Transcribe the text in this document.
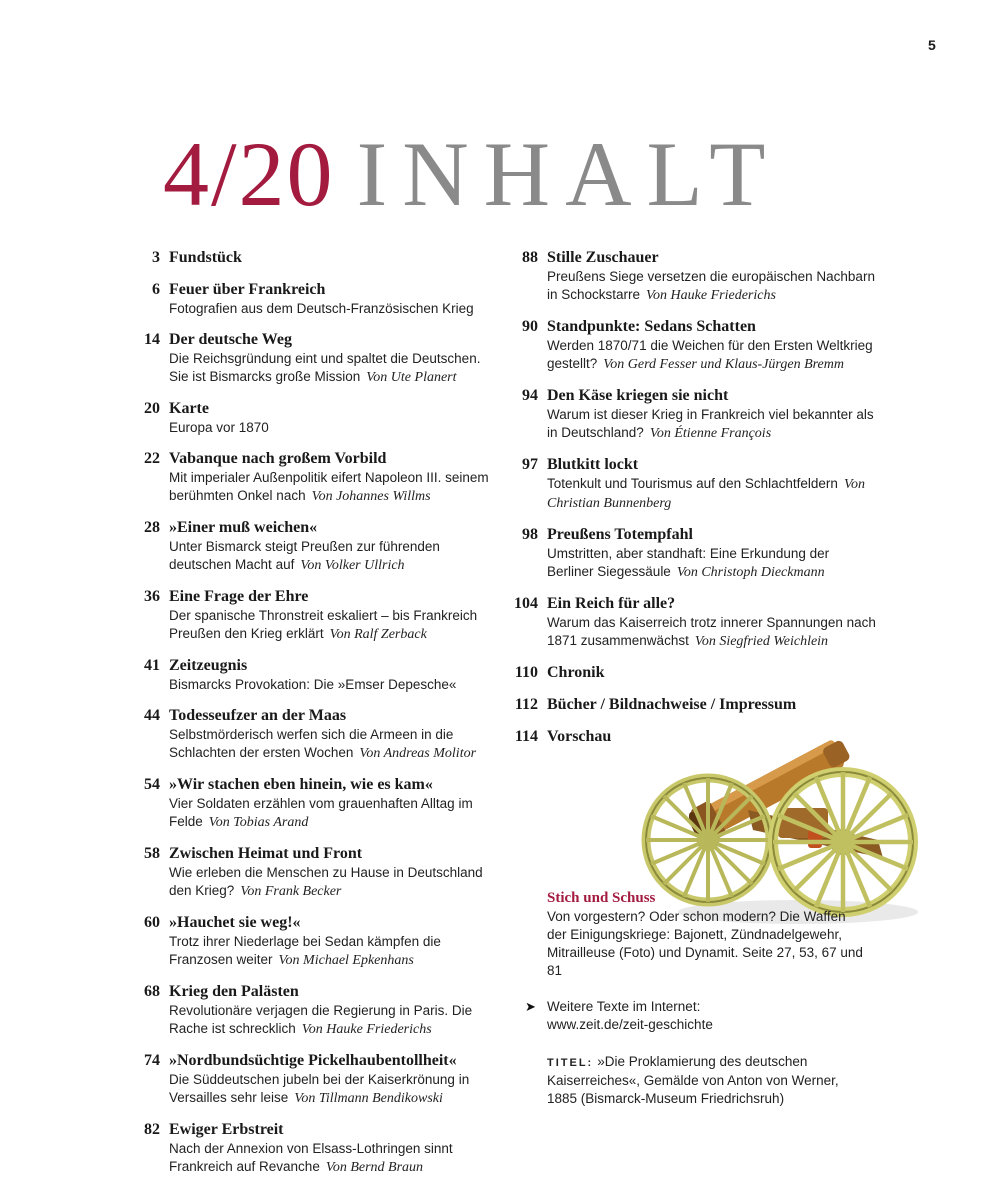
5
4/20 INHALT
3 Fundstück
6 Feuer über Frankreich
Fotografien aus dem Deutsch-Französischen Krieg
14 Der deutsche Weg
Die Reichsgründung eint und spaltet die Deutschen. Sie ist Bismarcks große Mission Von Ute Planert
20 Karte
Europa vor 1870
22 Vabanque nach großem Vorbild
Mit imperialer Außenpolitik eifert Napoleon III. seinem berühmten Onkel nach Von Johannes Willms
28 »Einer muß weichen«
Unter Bismarck steigt Preußen zur führenden deutschen Macht auf Von Volker Ullrich
36 Eine Frage der Ehre
Der spanische Thronstreit eskaliert – bis Frankreich Preußen den Krieg erklärt Von Ralf Zerback
41 Zeitzeugnis
Bismarcks Provokation: Die »Emser Depesche«
44 Todesseufzer an der Maas
Selbstmörderisch werfen sich die Armeen in die Schlachten der ersten Wochen Von Andreas Molitor
54 »Wir stachen eben hinein, wie es kam«
Vier Soldaten erzählen vom grauenhaften Alltag im Felde Von Tobias Arand
58 Zwischen Heimat und Front
Wie erleben die Menschen zu Hause in Deutschland den Krieg? Von Frank Becker
60 »Hauchet sie weg!«
Trotz ihrer Niederlage bei Sedan kämpfen die Franzosen weiter Von Michael Epkenhans
68 Krieg den Palästen
Revolutionäre verjagen die Regierung in Paris. Die Rache ist schrecklich Von Hauke Friederichs
74 »Nordbundsüchtige Pickelhaubentollheit«
Die Süddeutschen jubeln bei der Kaiserkrönung in Versailles sehr leise Von Tillmann Bendikowski
82 Ewiger Erbstreit
Nach der Annexion von Elsass-Lothringen sinnt Frankreich auf Revanche Von Bernd Braun
88 Stille Zuschauer
Preußens Siege versetzen die europäischen Nachbarn in Schockstarre Von Hauke Friederichs
90 Standpunkte: Sedans Schatten
Werden 1870/71 die Weichen für den Ersten Weltkrieg gestellt? Von Gerd Fesser und Klaus-Jürgen Bremm
94 Den Käse kriegen sie nicht
Warum ist dieser Krieg in Frankreich viel bekannter als in Deutschland? Von Étienne François
97 Blutkitt lockt
Totenkult und Tourismus auf den Schlachtfeldern Von Christian Bunnenberg
98 Preußens Totempfahl
Umstritten, aber standhaft: Eine Erkundung der Berliner Siegessäule Von Christoph Dieckmann
104 Ein Reich für alle?
Warum das Kaiserreich trotz innerer Spannungen nach 1871 zusammenwächst Von Siegfried Weichlein
110 Chronik
112 Bücher / Bildnachweise / Impressum
114 Vorschau
Stich und Schuss
Von vorgestern? Oder schon modern? Die Waffen der Einigungskriege: Bajonett, Zündnadelgewehr, Mitrailleuse (Foto) und Dynamit. Seite 27, 53, 67 und 81
➤ Weitere Texte im Internet:
www.zeit.de/zeit-geschichte
TITEL: »Die Proklamierung des deutschen Kaiserreiches«, Gemälde von Anton von Werner, 1885 (Bismarck-Museum Friedrichsruh)
